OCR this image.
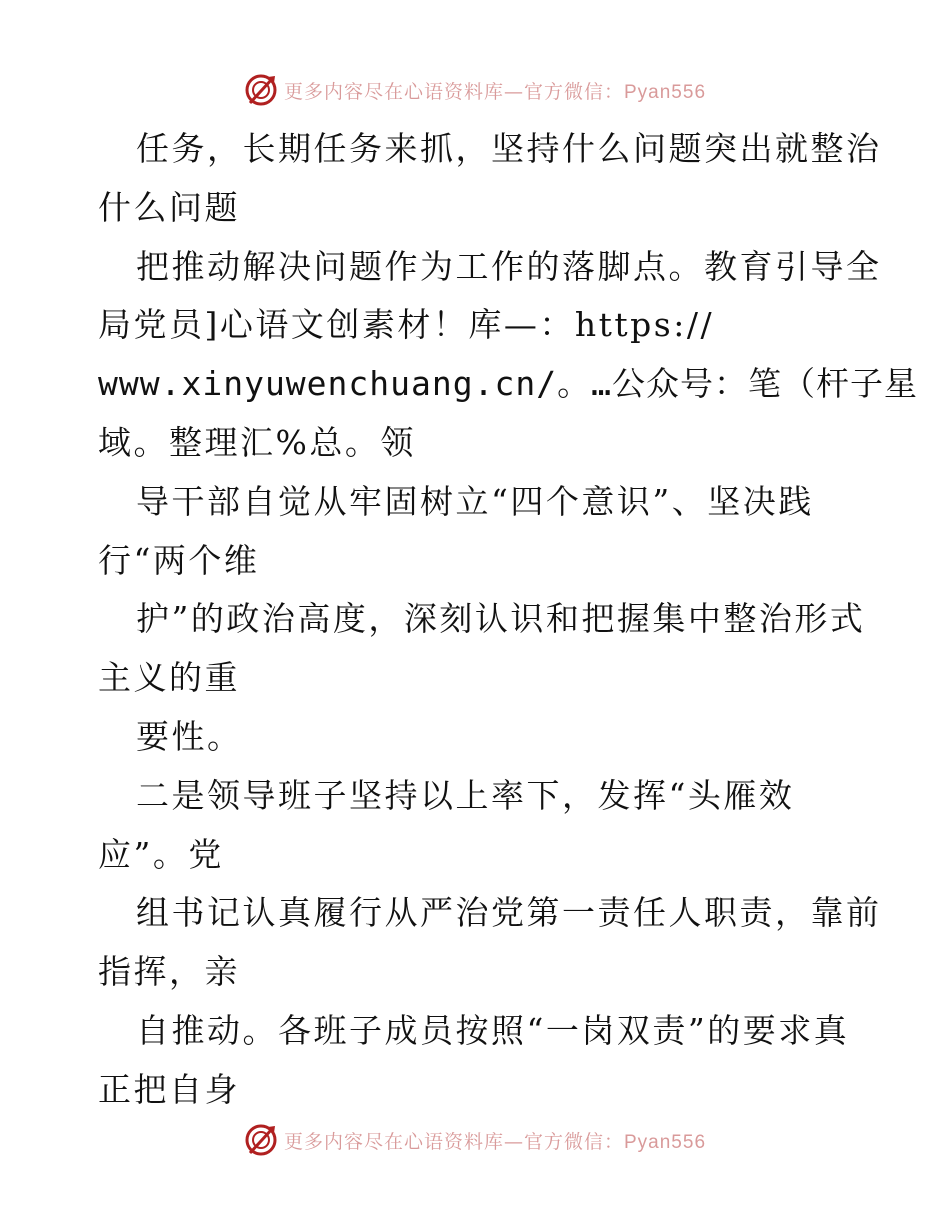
更多内容尽在心语资料库—官方微信：Pyan556
任务，长期任务来抓，坚持什么问题突出就整治
什么问题
把推动解决问题作为工作的落脚点。教育引导全
局党员]心语文创素材！库—：https://
www.xinyuwenchuang.cn/。…公众号：笔（杆子星
域。整理汇%总。领
导干部自觉从牢固树立“四个意识”、坚决践
行“两个维
护”的政治高度，深刻认识和把握集中整治形式
主义的重
要性。
二是领导班子坚持以上率下，发挥“头雁效
应”。党
组书记认真履行从严治党第一责任人职责，靠前
指挥，亲
自推动。各班子成员按照“一岗双责”的要求真
正把自身
更多内容尽在心语资料库—官方微信：Pyan556
